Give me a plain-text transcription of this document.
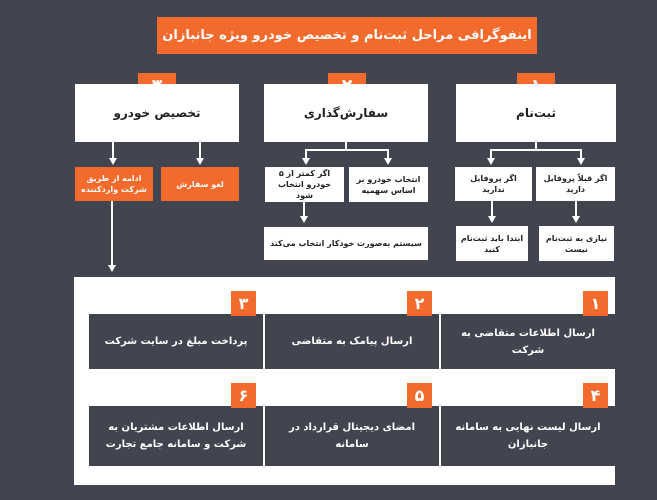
اینفوگرافی مراحل ثبت‌نام و تخصیص خودرو ویژه جانبازان
ثبت‌نام
اگر قبلاً پروفایل دارید
اگر پروفایل ندارید
نیازی به ثبت‌نام نیست
ابتدا باید ثبت‌نام کنید
سفارش‌گذاری
انتخاب خودرو بر اساس سهمیه
اگر کمتر از ۵ خودرو انتخاب شود
سیستم به‌صورت خودکار انتخاب می‌کند
تخصیص خودرو
لغو سفارش
ادامه از طریق شرکت وارد‌کننده
ارسال اطلاعات متقاضی به شرکت
۱
ارسال پیامک به متقاضی
۲
پرداخت مبلغ در سایت شرکت
۳
ارسال لیست نهایی به سامانه جانبازان
۴
امضای دیجیتال قرارداد در سامانه
۵
ارسال اطلاعات مشتریان به شرکت و سامانه جامع تجارت
۶
